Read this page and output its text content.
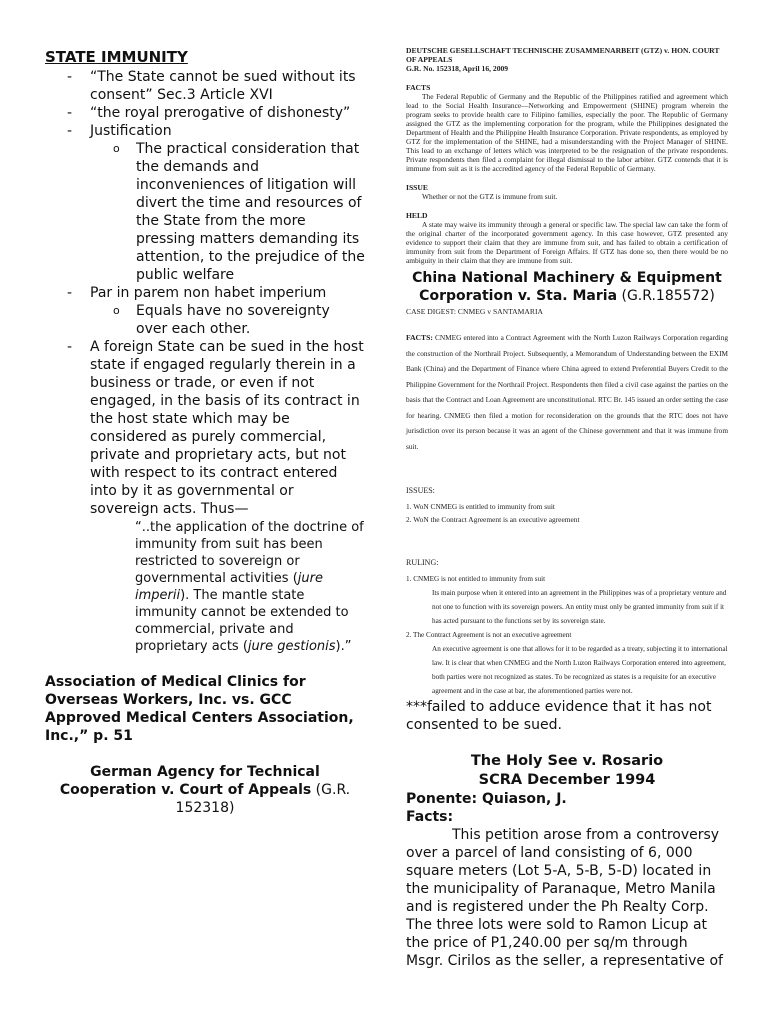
STATE IMMUNITY
- “The State cannot be sued without its consent” Sec.3 Article XVI
- “the royal prerogative of dishonesty”
- Justification
o The practical consideration that the demands and inconveniences of litigation will divert the time and resources of the State from the more pressing matters demanding its attention, to the prejudice of the public welfare
- Par in parem non habet imperium
o Equals have no sovereignty over each other.
- A foreign State can be sued in the host state if engaged regularly therein in a business or trade, or even if not engaged, in the basis of its contract in the host state which may be considered as purely commercial, private and proprietary acts, but not with respect to its contract entered into by it as governmental or sovereign acts. Thus—
“..the application of the doctrine of immunity from suit has been restricted to sovereign or governmental activities (jure imperii). The mantle state immunity cannot be extended to commercial, private and proprietary acts (jure gestionis).”
Association of Medical Clinics for Overseas Workers, Inc. vs. GCC Approved Medical Centers Association, Inc.,” p. 51
German Agency for Technical Cooperation v. Court of Appeals (G.R. 152318)
DEUTSCHE GESELLSCHAFT TECHNISCHE ZUSAMMENARBEIT (GTZ) v. HON. COURT OF APPEALS
G.R. No. 152318, April 16, 2009
FACTS
The Federal Republic of Germany and the Republic of the Philippines ratified and agreement which lead to the Social Health Insurance—Networking and Empowerment (SHINE) program wherein the program seeks to provide health care to Filipino families, especially the poor. The Republic of Germany assigned the GTZ as the implementing corporation for the program, while the Philippines designated the Department of Health and the Philippine Health Insurance Corporation. Private respondents, as employed by GTZ for the implementation of the SHINE, had a misunderstanding with the Project Manager of SHINE. This lead to an exchange of letters which was interpreted to be the resignation of the private respondents. Private respondents then filed a complaint for illegal dismissal to the labor arbiter. GTZ contends that it is immune from suit as it is the accredited agency of the Federal Republic of Germany.
ISSUE
Whether or not the GTZ is immune from suit.
HELD
A state may waive its immunity through a general or specific law. The special law can take the form of the original charter of the incorporated government agency. In this case however, GTZ presented any evidence to support their claim that they are immune from suit, and has failed to obtain a certification of immunity from suit from the Department of Foreign Affairs. If GTZ has done so, then there would be no ambiguity in their claim that they are immune from suit.
China National Machinery & Equipment Corporation v. Sta. Maria (G.R.185572)
CASE DIGEST: CNMEG v SANTAMARIA
FACTS: CNMEG entered into a Contract Agreement with the North Luzon Railways Corporation regarding the construction of the Northrail Project. Subsequently, a Memorandum of Understanding between the EXIM Bank (China) and the Department of Finance where China agreed to extend Preferential Buyers Credit to the Philippine Government for the Northrail Project. Respondents then filed a civil case against the parties on the basis that the Contract and Loan Agreement are unconstitutional. RTC Br. 145 issued an order setting the case for hearing. CNMEG then filed a motion for reconsideration on the grounds that the RTC does not have jurisdiction over its person because it was an agent of the Chinese government and that it was immune from suit.
ISSUES:
1. WoN CNMEG is entitled to immunity from suit
2. WoN the Contract Agreement is an executive agreement
RULING:
1. CNMEG is not entitled to immunity from suit
Its main purpose when it entered into an agreement in the Philippines was of a proprietary venture and not one to function with its sovereign powers. An entity must only be granted immunity from suit if it has acted pursuant to the functions set by its sovereign state.
2. The Contract Agreement is not an executive agreement
An executive agreement is one that allows for it to be regarded as a treaty, subjecting it to international law. It is clear that when CNMEG and the North Luzon Railways Corporation entered into agreement, both parties were not recognized as states. To be recognized as states is a requisite for an executive agreement and in the case at bar, the aforementioned parties were not.
***failed to adduce evidence that it has not consented to be sued.
The Holy See v. Rosario
SCRA December 1994
Ponente: Quiason, J.
Facts:
This petition arose from a controversy over a parcel of land consisting of 6, 000 square meters (Lot 5-A, 5-B, 5-D) located in the municipality of Paranaque, Metro Manila and is registered under the Ph Realty Corp. The three lots were sold to Ramon Licup at the price of P1,240.00 per sq/m through Msgr. Cirilos as the seller, a representative of
